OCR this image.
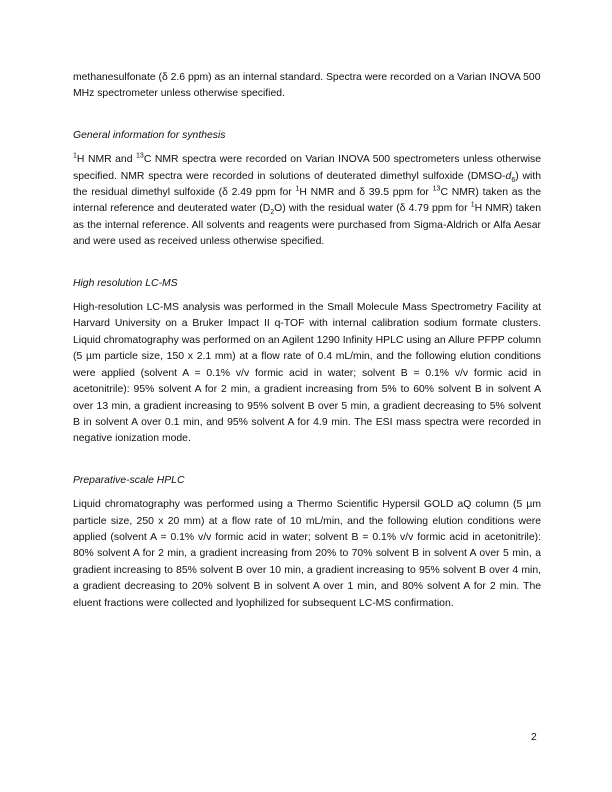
methanesulfonate (δ 2.6 ppm) as an internal standard. Spectra were recorded on a Varian INOVA 500 MHz spectrometer unless otherwise specified.

General information for synthesis

$^1$H NMR and $^{13}$C NMR spectra were recorded on Varian INOVA 500 spectrometers unless otherwise specified. NMR spectra were recorded in solutions of deuterated dimethyl sulfoxide $(DMSO-d_6)$ with the residual dimethyl sulfoxide (δ 2.49 ppm for $^1$H NMR and δ 39.5 ppm for $^{13}$C NMR) taken as the internal reference and deuterated water $(D_2O)$ with the residual water (δ 4.79 ppm for $^1$H NMR) taken as the internal reference. All solvents and reagents were purchased from Sigma-Aldrich or Alfa Aesar and were used as received unless otherwise specified.

High resolution LC-MS

High-resolution LC-MS analysis was performed in the Small Molecule Mass Spectrometry Facility at Harvard University on a Bruker Impact II q-TOF with internal calibration sodium formate clusters. Liquid chromatography was performed on an Agilent 1290 Infinity HPLC using an Allure PFPP column (5 µm particle size, 150 x 2.1 mm) at a flow rate of 0.4 mL/min, and the following elution conditions were applied (solvent A = 0.1% v/v formic acid in water; solvent B = 0.1% v/v formic acid in acetonitrile): 95% solvent A for 2 min, a gradient increasing from 5% to 60% solvent B in solvent A over 13 min, a gradient increasing to 95% solvent B over 5 min, a gradient decreasing to 5% solvent B in solvent A over 0.1 min, and 95% solvent A for 4.9 min. The ESI mass spectra were recorded in negative ionization mode.

Preparative-scale HPLC

Liquid chromatography was performed using a Thermo Scientific Hypersil GOLD aQ column (5 µm particle size, 250 x 20 mm) at a flow rate of 10 mL/min, and the following elution conditions were applied (solvent A = 0.1% v/v formic acid in water; solvent B = 0.1% v/v formic acid in acetonitrile): 80% solvent A for 2 min, a gradient increasing from 20% to 70% solvent B in solvent A over 5 min, a gradient increasing to 85% solvent B over 10 min, a gradient increasing to 95% solvent B over 4 min, a gradient decreasing to 20% solvent B in solvent A over 1 min, and 80% solvent A for 2 min. The eluent fractions were collected and lyophilized for subsequent LC-MS confirmation.

2
